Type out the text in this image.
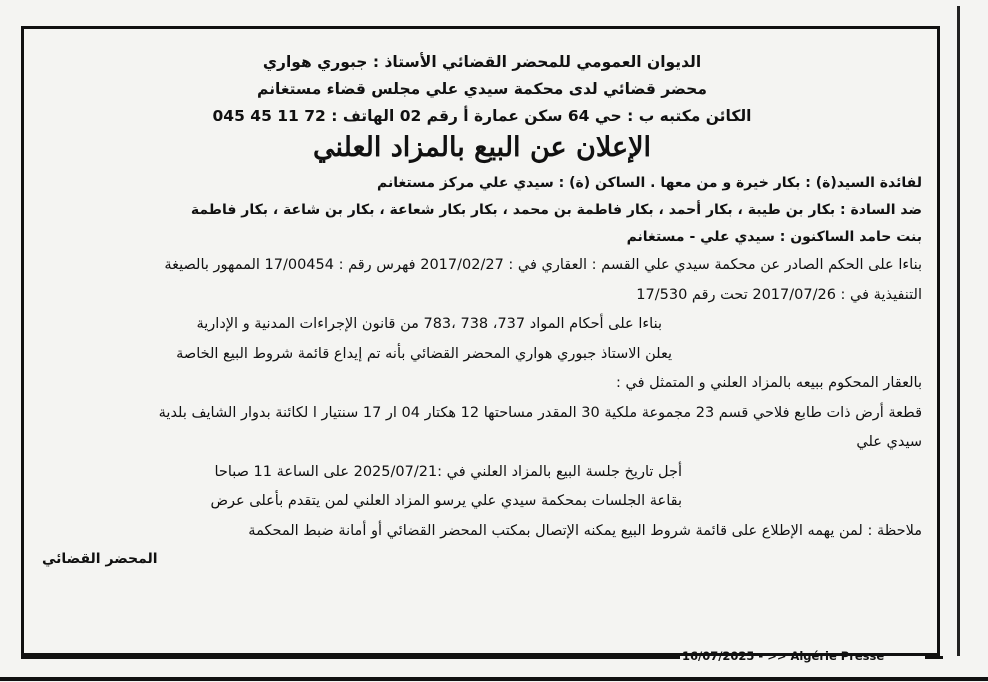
الديوان العمومي للمحضر القضائي الأستاذ : جبوري هواري

محضر قضائي لدى محكمة سيدي علي مجلس قضاء مستغانم

الكائن مكتبه ب : حي 64 سكن عمارة أ رقم 02 الهاتف : 72 11 45 045

الإعلان عن البيع بالمزاد العلني

لفائدة السيد(ة) : بكار خيرة و من معها . الساكن (ة) : سيدي علي مركز مستغانم

ضد السادة : بكار بن طيبة ، بكار أحمد ، بكار فاطمة بن محمد ، بكار بكار شعاعة ، بكار بن شاعة ، بكار فاطمة

بنت حامد الساكنون : سيدي علي - مستغانم

بناءا على الحكم الصادر عن محكمة سيدي علي القسم : العقاري في : 2017/02/27 فهرس رقم : 17/00454 الممهور بالصيغة

التنفيذية في : 2017/07/26 تحت رقم 17/530

بناءا على أحكام المواد 737، 738 ،783 من قانون الإجراءات المدنية و الإدارية

يعلن الاستاذ جبوري هواري المحضر القضائي بأنه تم إيداع قائمة شروط البيع الخاصة

بالعقار المحكوم ببيعه بالمزاد العلني و المتمثل في :

قطعة أرض ذات طابع فلاحي قسم 23 مجموعة ملكية 30 المقدر مساحتها 12 هكتار 04 ار 17 سنتيار ا لكائنة بدوار الشايف بلدية

سيدي علي

أجل تاريخ جلسة البيع بالمزاد العلني في :2025/07/21 على الساعة 11 صباحا

بقاعة الجلسات بمحكمة سيدي علي يرسو المزاد العلني لمن يتقدم بأعلى عرض

ملاحظة : لمن يهمه الإطلاع على قائمة شروط البيع يمكنه الإتصال بمكتب المحضر القضائي أو أمانة ضبط المحكمة

المحضر القضائي

16/07/2025 - >> Algérie Presse
